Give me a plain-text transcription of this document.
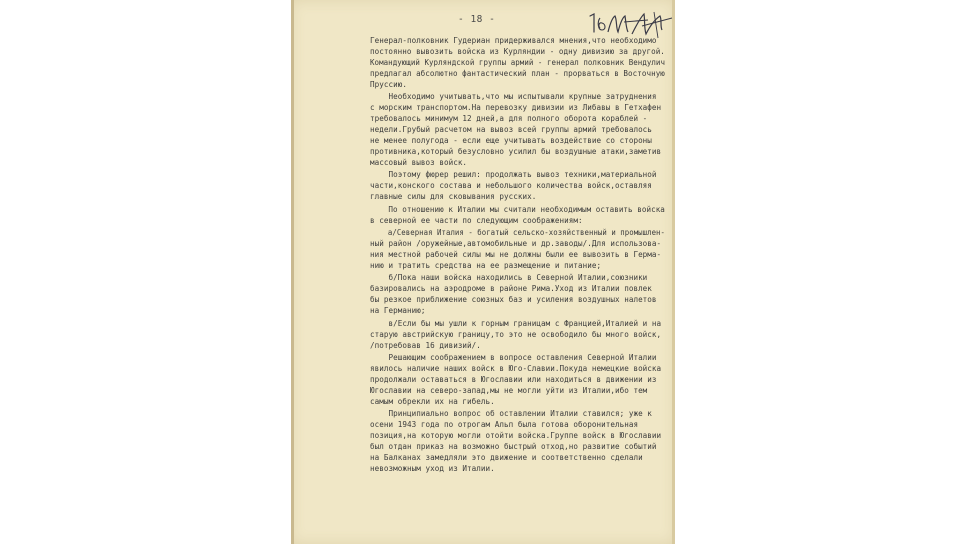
- 18 -
Генерал-полковник Гудериан придерживался мнения,что необходимо
постоянно вывозить войска из Курляндии - одну дивизию за другой.
Командующий Курляндской группы армий - генерал полковник Вендулич
предлагал абсолютно фантастический план - прорваться в Восточную
Пруссию.
Необходимо учитывать,что мы испытывали крупные затруднения
с морским транспортом.На перевозку дивизии из Либавы в Гетхафен
требовалось минимум 12 дней,а для полного оборота кораблей -
недели.Грубый расчетом на вывоз всей группы армий требовалось
не менее полугода - если еще учитывать воздействие со стороны
противника,который безусловно усилил бы воздушные атаки,заметив
массовый вывоз войск.
Поэтому фюрер решил: продолжать вывоз техники,материальной
части,конского состава и небольшого количества войск,оставляя
главные силы для сковывания русских.
По отношению к Италии мы считали необходимым оставить войска
в северной ее части по следующим соображениям:
а/Северная Италия - богатый сельско-хозяйственный и промышлен-
ный район /оружейные,автомобильные и др.заводы/.Для использова-
ния местной рабочей силы мы не должны были ее вывозить в Герма-
нию и тратить средства на ее размещение и питание;
б/Пока наши войска находились в Северной Италии,союзники
базировались на аэродроме в районе Рима.Уход из Италии повлек
бы резкое приближение союзных баз и усиления воздушных налетов
на Германию;
в/Если бы мы ушли к горным границам с Францией,Италией и на
старую австрийскую границу,то это не освободило бы много войск,
/потребовав 16 дивизий/.
Решающим соображением в вопросе оставления Северной Италии
явилось наличие наших войск в Юго-Славии.Покуда немецкие войска
продолжали оставаться в Югославии или находиться в движении из
Югославии на северо-запад,мы не могли уйти из Италии,ибо тем
самым обрекли их на гибель.
Принципиально вопрос об оставлении Италии ставился; уже к
осени 1943 года по отрогам Альп была готова оборонительная
позиция,на которую могли отойти войска.Группе войск в Югославии
был отдан приказ на возможно быстрый отход,но развитие событий
на Балканах замедляли это движение и соответственно сделали
невозможным уход из Италии.
